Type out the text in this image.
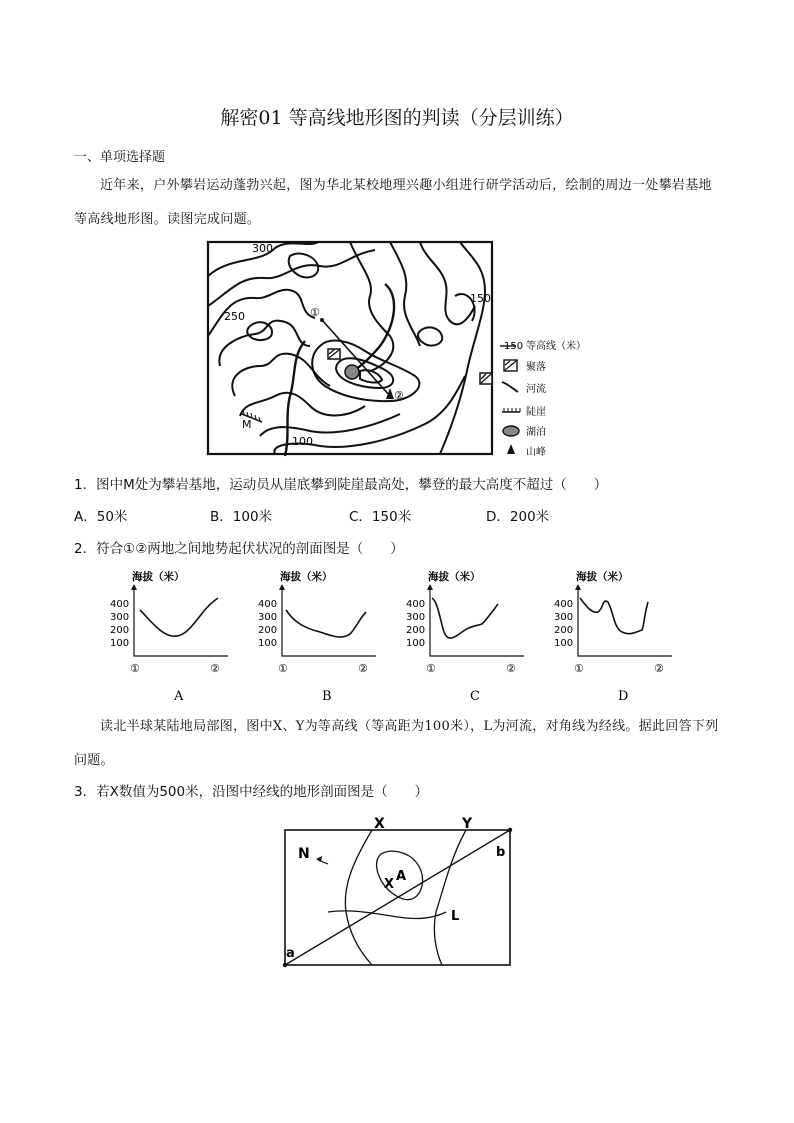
解密01 等高线地形图的判读（分层训练）
一、单项选择题
近年来，户外攀岩运动蓬勃兴起，图为华北某校地理兴趣小组进行研学活动后，绘制的周边一处攀岩基地等高线地形图。读图完成问题。
300
250
150
100
M
①
②
150 等高线（米）
聚落
河流
陡崖
湖泊
山峰
1．图中M处为攀岩基地，运动员从崖底攀到陡崖最高处，攀登的最大高度不超过（　　）
A．50米	B．100米	C．150米	D．200米
2．符合①②两地之间地势起伏状况的剖面图是（　　）
海拔（米）
400
300
200
100
①	②
A
海拔（米）
400
300
200
100
①	②
B
海拔（米）
400
300
200
100
①	②
C
海拔（米）
400
300
200
100
①	②
D
读北半球某陆地局部图，图中X、Y为等高线（等高距为100米），L为河流，对角线为经线。据此回答下列问题。
3．若X数值为500米，沿图中经线的地形剖面图是（　　）
X	Y
X
A
L
N
a
b
